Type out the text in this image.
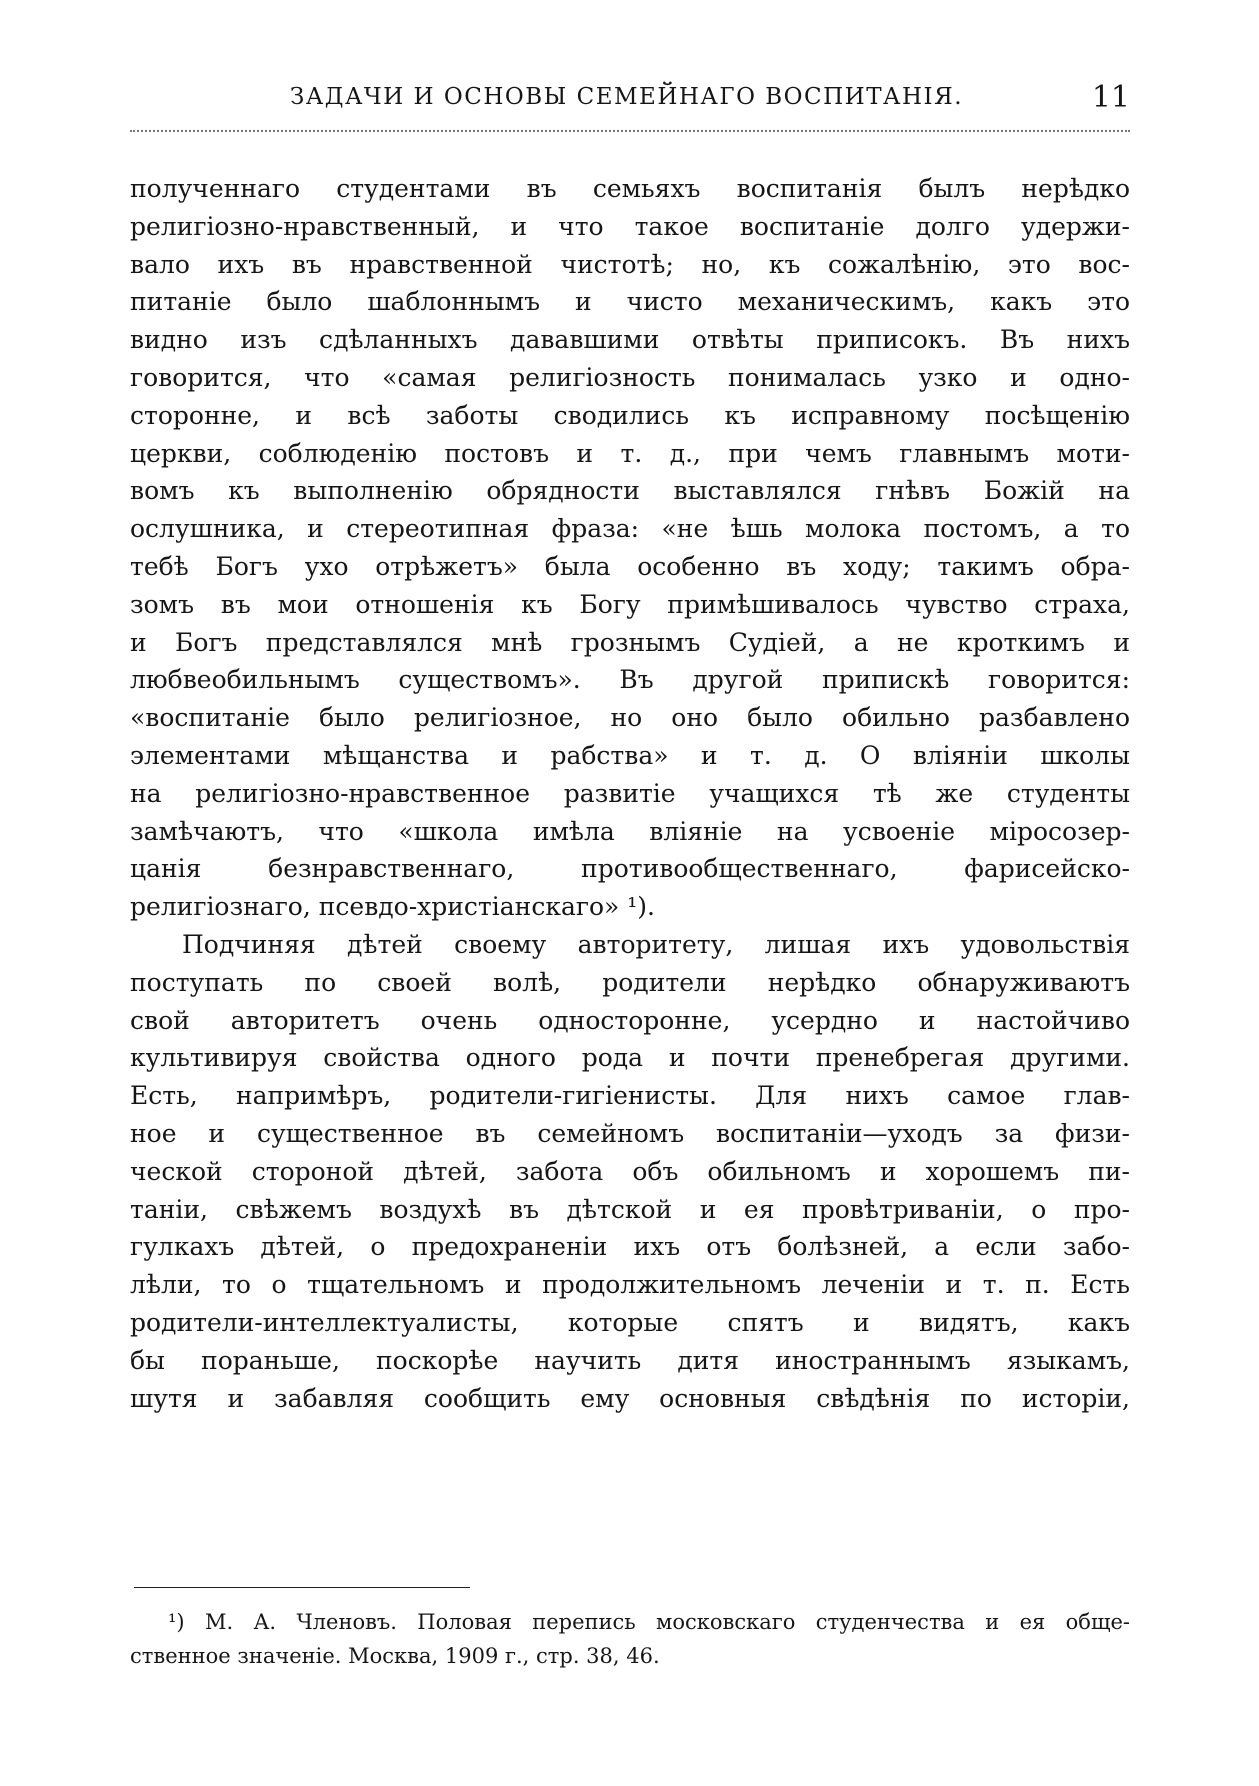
ЗАДАЧИ И ОСНОВЫ СЕМЕЙНАГО ВОСПИТАНІЯ.	11
полученнаго студентами въ семьяхъ воспитанія былъ нерѣдко
религіозно-нравственный, и что такое воспитаніе долго удержи-
вало ихъ въ нравственной чистотѣ; но, къ сожалѣнію, это вос-
питаніе было шаблоннымъ и чисто механическимъ, какъ это
видно изъ сдѣланныхъ дававшими отвѣты приписокъ. Въ нихъ
говорится, что «самая религіозность понималась узко и одно-
сторонне, и всѣ заботы сводились къ исправному посѣщенію
церкви, соблюденію постовъ и т. д., при чемъ главнымъ моти-
вомъ къ выполненію обрядности выставлялся гнѣвъ Божій на
ослушника, и стереотипная фраза: «не ѣшь молока постомъ, а то
тебѣ Богъ ухо отрѣжетъ» была особенно въ ходу; такимъ обра-
зомъ въ мои отношенія къ Богу примѣшивалось чувство страха,
и Богъ представлялся мнѣ грознымъ Судіей, а не кроткимъ и
любвеобильнымъ существомъ». Въ другой припискѣ говорится:
«воспитаніе было религіозное, но оно было обильно разбавлено
элементами мѣщанства и рабства» и т. д. О вліяніи школы
на религіозно-нравственное развитіе учащихся тѣ же студенты
замѣчаютъ, что «школа имѣла вліяніе на усвоеніе міросозер-
цанія безнравственнаго, противообщественнаго, фарисейско-
религіознаго, псевдо-христіанскаго» ¹).
Подчиняя дѣтей своему авторитету, лишая ихъ удовольствія
поступать по своей волѣ, родители нерѣдко обнаруживаютъ
свой авторитетъ очень односторонне, усердно и настойчиво
культивируя свойства одного рода и почти пренебрегая другими.
Есть, напримѣръ, родители-гигіенисты. Для нихъ самое глав-
ное и существенное въ семейномъ воспитаніи—уходъ за физи-
ческой стороной дѣтей, забота объ обильномъ и хорошемъ пи-
таніи, свѣжемъ воздухѣ въ дѣтской и ея провѣтриваніи, о про-
гулкахъ дѣтей, о предохраненіи ихъ отъ болѣзней, а если забо-
лѣли, то о тщательномъ и продолжительномъ леченіи и т. п. Есть
родители-интеллектуалисты, которые спятъ и видятъ, какъ
бы пораньше, поскорѣе научить дитя иностраннымъ языкамъ,
шутя и забавляя сообщить ему основныя свѣдѣнія по исторіи,
¹) М. А. Членовъ. Половая перепись московскаго студенчества и ея обще-
ственное значеніе. Москва, 1909 г., стр. 38, 46.
